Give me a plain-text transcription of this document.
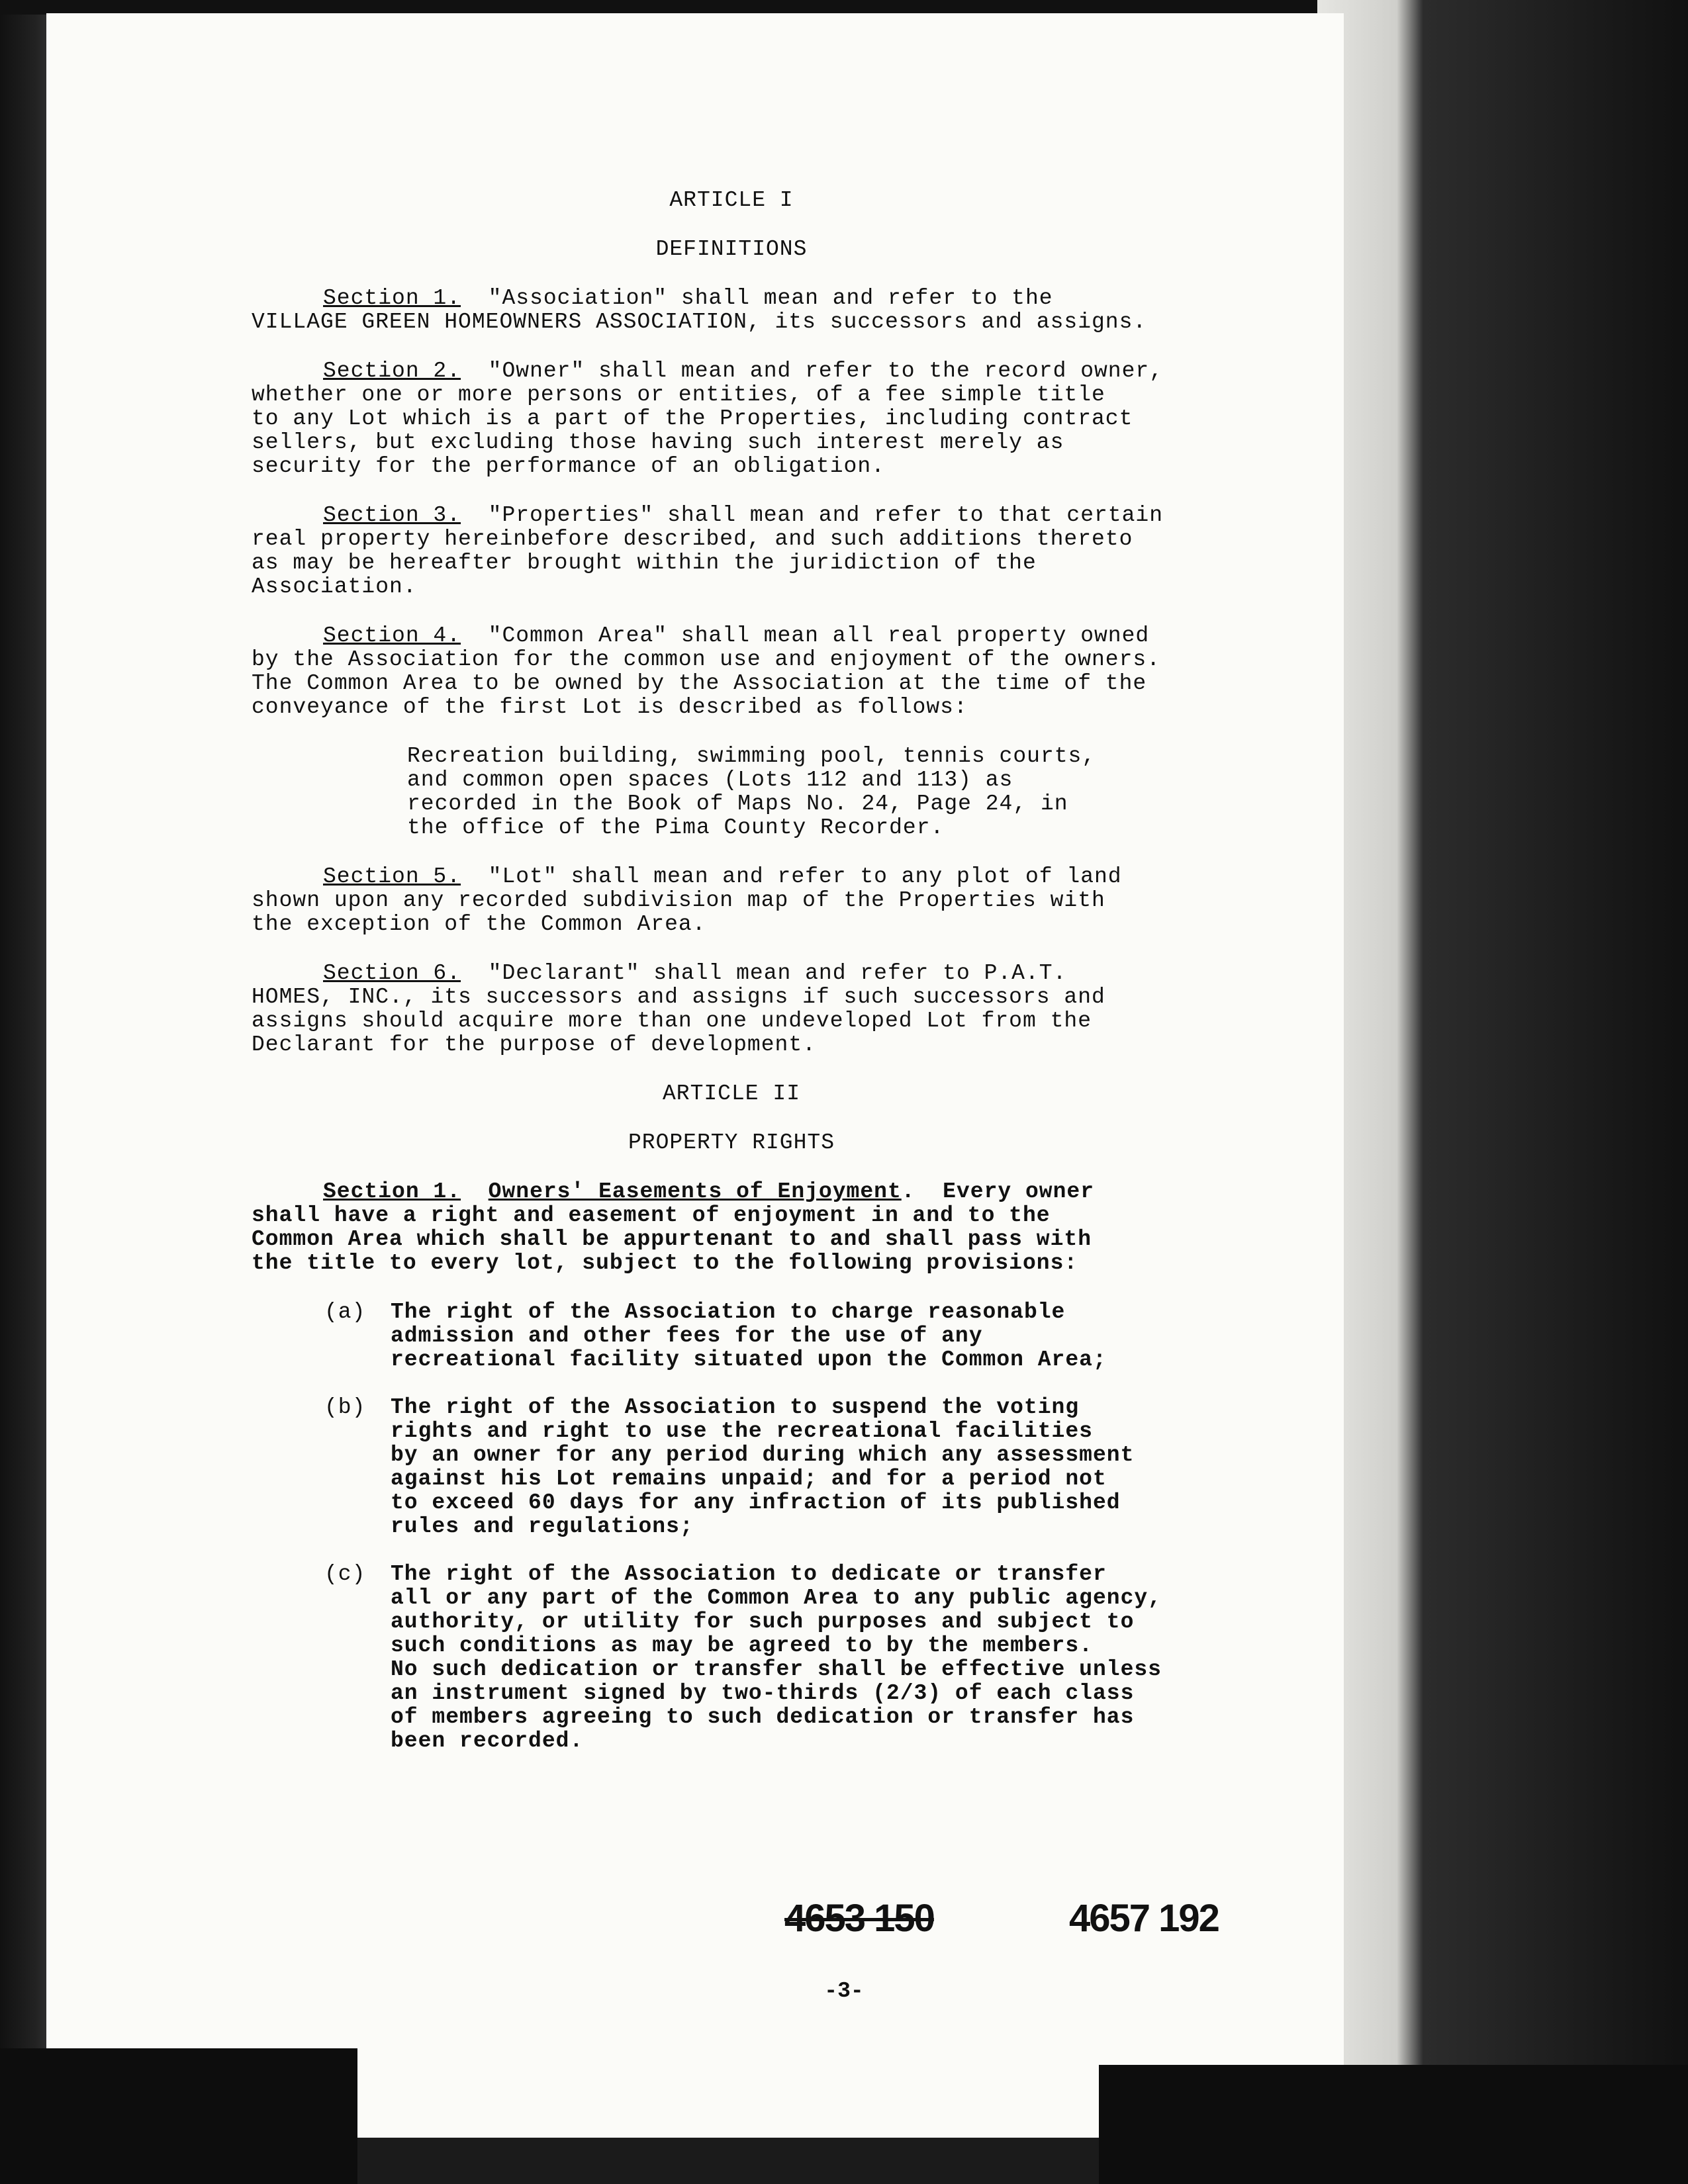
ARTICLE I
DEFINITIONS
Section 1.  "Association" shall mean and refer to the
VILLAGE GREEN HOMEOWNERS ASSOCIATION, its successors and assigns.
Section 2.  "Owner" shall mean and refer to the record owner,
whether one or more persons or entities, of a fee simple title
to any Lot which is a part of the Properties, including contract
sellers, but excluding those having such interest merely as
security for the performance of an obligation.
Section 3.  "Properties" shall mean and refer to that certain
real property hereinbefore described, and such additions thereto
as may be hereafter brought within the juridiction of the
Association.
Section 4.  "Common Area" shall mean all real property owned
by the Association for the common use and enjoyment of the owners.
The Common Area to be owned by the Association at the time of the
conveyance of the first Lot is described as follows:
Recreation building, swimming pool, tennis courts,
and common open spaces (Lots 112 and 113) as
recorded in the Book of Maps No. 24, Page 24, in
the office of the Pima County Recorder.
Section 5.  "Lot" shall mean and refer to any plot of land
shown upon any recorded subdivision map of the Properties with
the exception of the Common Area.
Section 6.  "Declarant" shall mean and refer to P.A.T.
HOMES, INC., its successors and assigns if such successors and
assigns should acquire more than one undeveloped Lot from the
Declarant for the purpose of development.
ARTICLE II
PROPERTY RIGHTS
Section 1. Owners' Easements of Enjoyment.  Every owner
shall have a right and easement of enjoyment in and to the
Common Area which shall be appurtenant to and shall pass with
the title to every lot, subject to the following provisions:
(a)	The right of the Association to charge reasonable
admission and other fees for the use of any
recreational facility situated upon the Common Area;
(b)	The right of the Association to suspend the voting
rights and right to use the recreational facilities
by an owner for any period during which any assessment
against his Lot remains unpaid; and for a period not
to exceed 60 days for any infraction of its published
rules and regulations;
(c)	The right of the Association to dedicate or transfer
all or any part of the Common Area to any public agency,
authority, or utility for such purposes and subject to
such conditions as may be agreed to by the members.
No such dedication or transfer shall be effective unless
an instrument signed by two-thirds (2/3) of each class
of members agreeing to such dedication or transfer has
been recorded.
4653 150	4657 192
-3-
